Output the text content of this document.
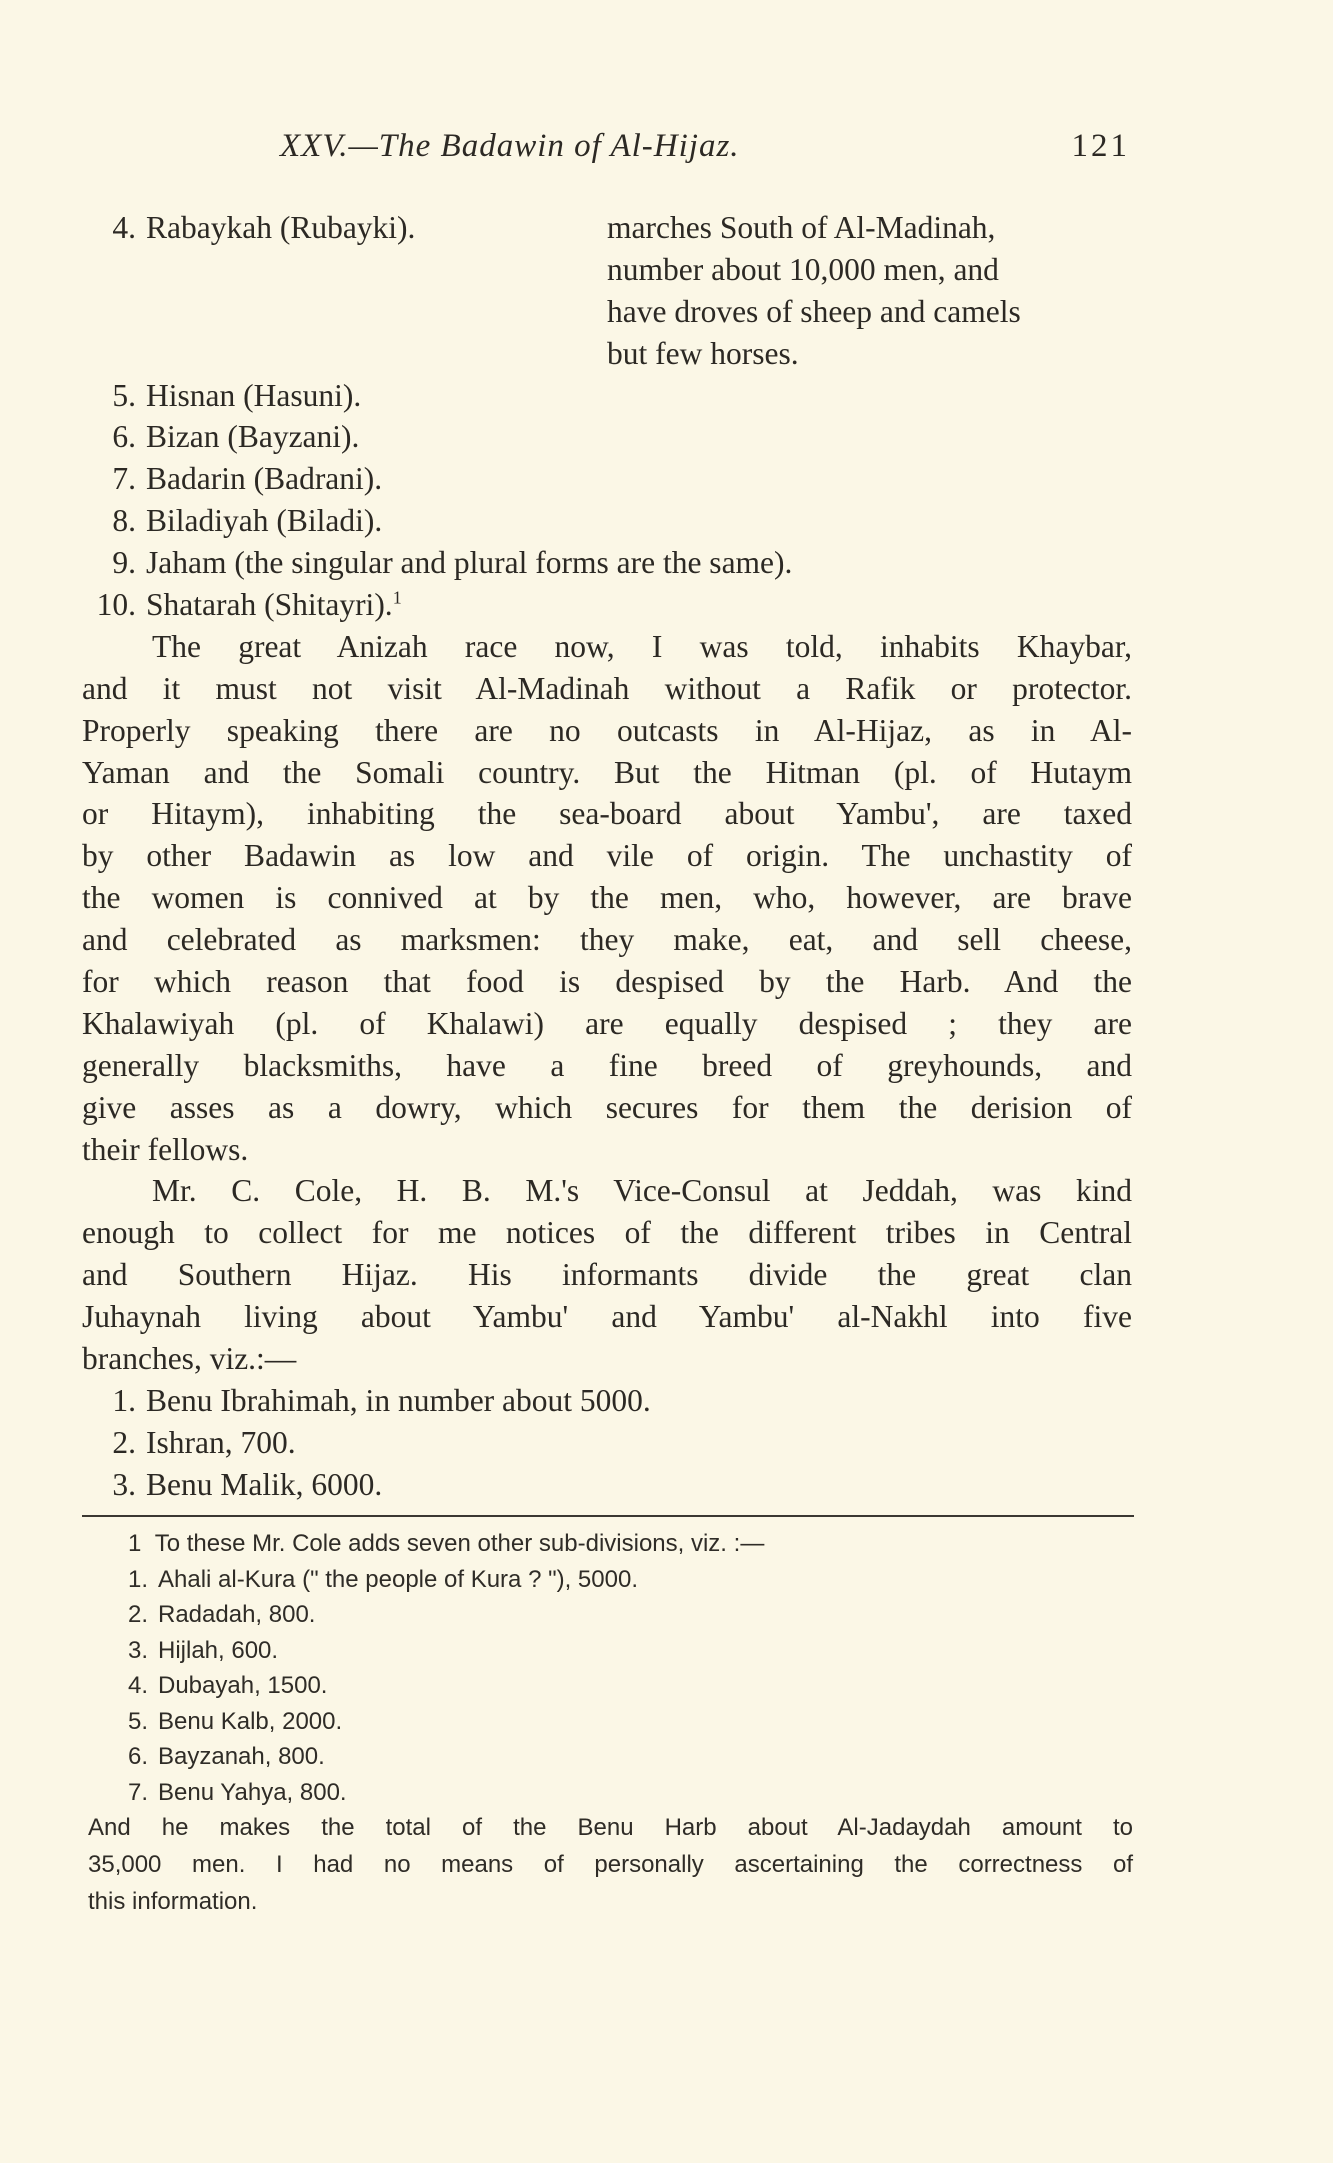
XXV.—The Badawin of Al-Hijaz.	121
4. Rabaykah (Rubayki).	marches South of Al-Madinah,
number about 10,000 men, and
have droves of sheep and camels
but few horses.
5. Hisnan (Hasuni).
6. Bizan (Bayzani).
7. Badarin (Badrani).
8. Biladiyah (Biladi).
9. Jaham (the singular and plural forms are the same).
10. Shatarah (Shitayri).$^1$
The great Anizah race now, I was told, inhabits Khaybar,
and it must not visit Al-Madinah without a Rafik or protector.
Properly speaking there are no outcasts in Al-Hijaz, as in Al-
Yaman and the Somali country. But the Hitman (pl. of Hutaym
or Hitaym), inhabiting the sea-board about Yambu', are taxed
by other Badawin as low and vile of origin. The unchastity of
the women is connived at by the men, who, however, are brave
and celebrated as marksmen: they make, eat, and sell cheese,
for which reason that food is despised by the Harb. And the
Khalawiyah (pl. of Khalawi) are equally despised ; they are
generally blacksmiths, have a fine breed of greyhounds, and
give asses as a dowry, which secures for them the derision of
their fellows.
Mr. C. Cole, H. B. M.'s Vice-Consul at Jeddah, was kind
enough to collect for me notices of the different tribes in Central
and Southern Hijaz. His informants divide the great clan
Juhaynah living about Yambu' and Yambu' al-Nakhl into five
branches, viz.:—
1. Benu Ibrahimah, in number about 5000.
2. Ishran, 700.
3. Benu Malik, 6000.
1 To these Mr. Cole adds seven other sub-divisions, viz. :—
1. Ahali al-Kura (" the people of Kura ? "), 5000.
2. Radadah, 800.
3. Hijlah, 600.
4. Dubayah, 1500.
5. Benu Kalb, 2000.
6. Bayzanah, 800.
7. Benu Yahya, 800.
And he makes the total of the Benu Harb about Al-Jadaydah amount to
35,000 men. I had no means of personally ascertaining the correctness of
this information.
